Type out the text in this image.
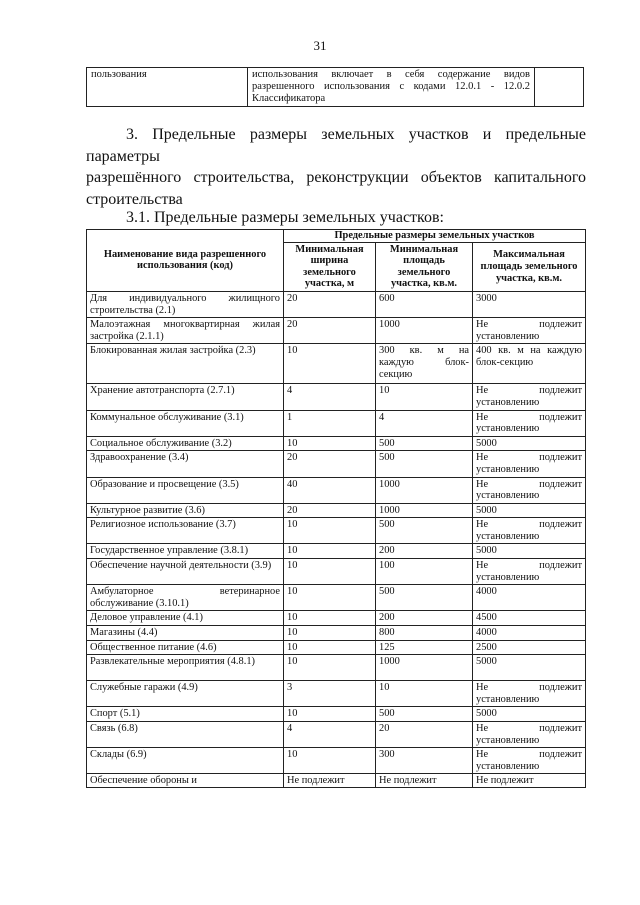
31
пользования	использования включает в себя содержание видов разрешенного использования с кодами 12.0.1 - 12.0.2 Классификатора	
3. Предельные размеры земельных участков и предельные параметры
разрешённого строительства, реконструкции объектов капитального
строительства
3.1. Предельные размеры земельных участков:
Наименование вида разрешенного использования (код)	Предельные размеры земельных участков		
	Минимальная ширина земельного участка, м	Минимальная площадь земельного участка, кв.м.	Максимальная площадь земельного участка, кв.м.
Для индивидуального жилищного строительства (2.1)	20	600	3000
Малоэтажная многоквартирная жилая застройка (2.1.1)	20	1000	Не подлежит установлению
Блокированная жилая застройка (2.3)	10	300 кв. м на каждую блок-секцию	400 кв. м на каждую блок-секцию
Хранение автотранспорта (2.7.1)	4	10	Не подлежит установлению
Коммунальное обслуживание (3.1)	1	4	Не подлежит установлению
Социальное обслуживание (3.2)	10	500	5000
Здравоохранение (3.4)	20	500	Не подлежит установлению
Образование и просвещение (3.5)	40	1000	Не подлежит установлению
Культурное развитие (3.6)	20	1000	5000
Религиозное использование (3.7)	10	500	Не подлежит установлению
Государственное управление (3.8.1)	10	200	5000
Обеспечение научной деятельности (3.9)	10	100	Не подлежит установлению
Амбулаторное ветеринарное обслуживание (3.10.1)	10	500	4000
Деловое управление (4.1)	10	200	4500
Магазины (4.4)	10	800	4000
Общественное питание (4.6)	10	125	2500
Развлекательные мероприятия (4.8.1)	10	1000	5000
Служебные гаражи (4.9)	3	10	Не подлежит установлению
Спорт (5.1)	10	500	5000
Связь (6.8)	4	20	Не подлежит установлению
Склады (6.9)	10	300	Не подлежит установлению
Обеспечение обороны и	Не подлежит	Не подлежит	Не подлежит
